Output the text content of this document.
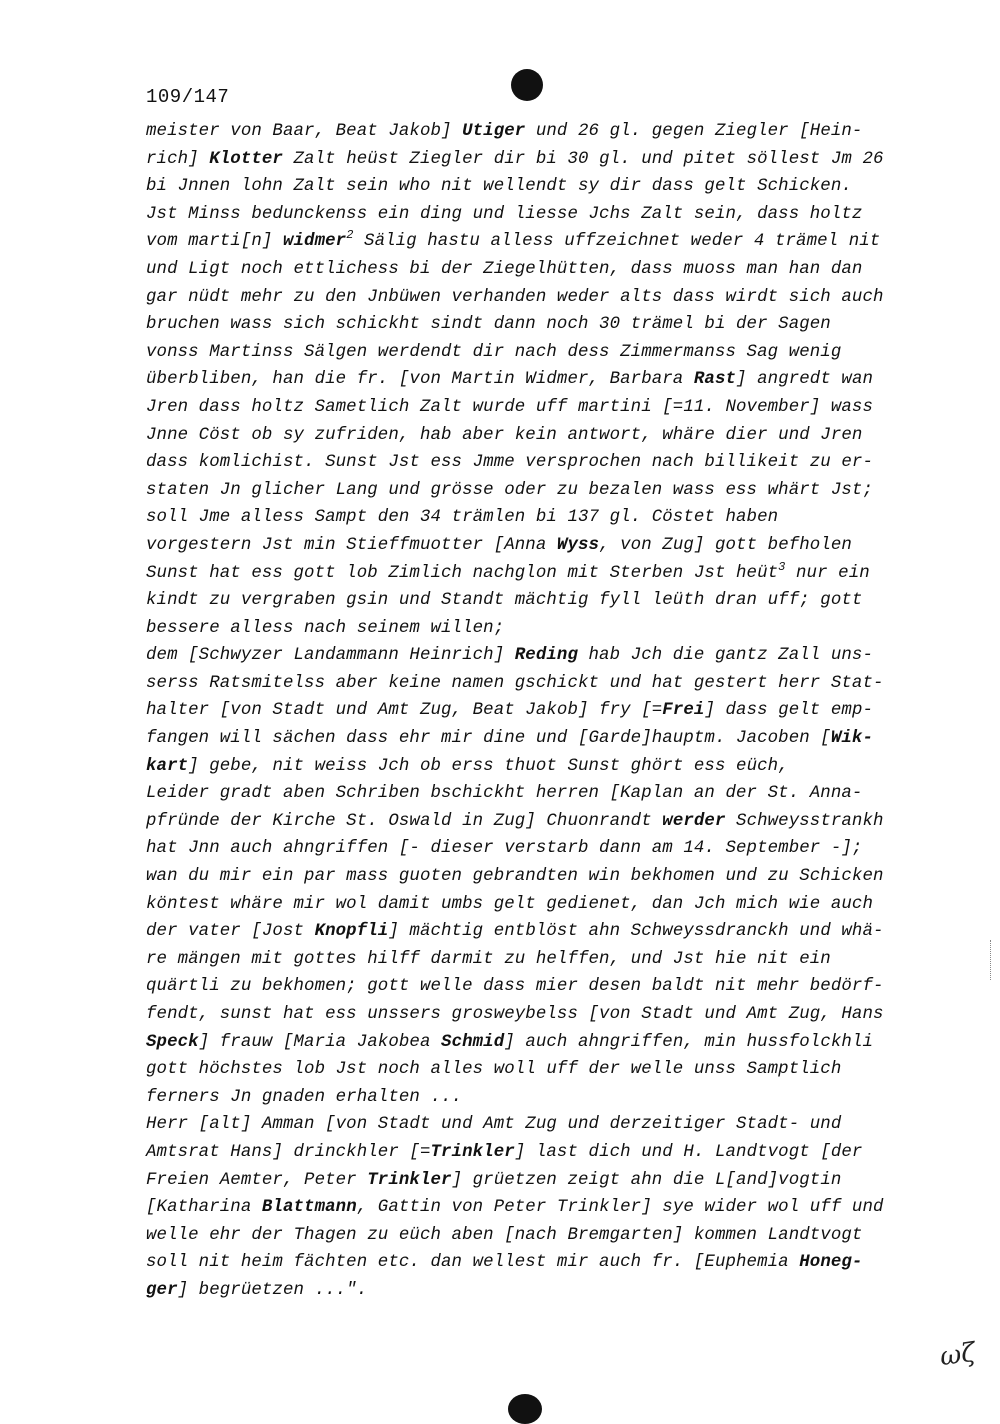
109/147
meister von Baar, Beat Jakob] Utiger und 26 gl. gegen Ziegler [Hein-
rich] Klotter Zalt heüst Ziegler dir bi 30 gl. und pitet söllest Jm 26
bi Jnnen lohn Zalt sein who nit wellendt sy dir dass gelt Schicken.
Jst Minss bedunckenss ein ding und liesse Jchs Zalt sein, dass holtz
vom marti[n] widmer$^2$ Sälig hastu alless uffzeichnet weder 4 trämel nit
und Ligt noch ettlichess bi der Ziegelhütten, dass muoss man han dan
gar nüdt mehr zu den Jnbüwen verhanden weder alts dass wirdt sich auch
bruchen wass sich schickht sindt dann noch 30 trämel bi der Sagen
vonss Martinss Sälgen werdendt dir nach dess Zimmermanss Sag wenig
überbliben, han die fr. [von Martin Widmer, Barbara Rast] angredt wan
Jren dass holtz Sametlich Zalt wurde uff martini [=11. November] wass
Jnne Cöst ob sy zufriden, hab aber kein antwort, whäre dier und Jren
dass komlichist. Sunst Jst ess Jmme versprochen nach billikeit zu er-
staten Jn glicher Lang und grösse oder zu bezalen wass ess whärt Jst;
soll Jme alless Sampt den 34 trämlen bi 137 gl. Cöstet haben
vorgestern Jst min Stieffmuotter [Anna Wyss, von Zug] gott befholen
Sunst hat ess gott lob Zimlich nachglon mit Sterben Jst heüt$^3$ nur ein
kindt zu vergraben gsin und Standt mächtig fyll leüth dran uff; gott
bessere alless nach seinem willen;
dem [Schwyzer Landammann Heinrich] Reding hab Jch die gantz Zall uns-
serss Ratsmitelss aber keine namen gschickt und hat gestert herr Stat-
halter [von Stadt und Amt Zug, Beat Jakob] fry [=Frei] dass gelt emp-
fangen will sächen dass ehr mir dine und [Garde]hauptm. Jacoben [Wik-
kart] gebe, nit weiss Jch ob erss thuot Sunst ghört ess eüch,
Leider gradt aben Schriben bschickht herren [Kaplan an der St. Anna-
pfründe der Kirche St. Oswald in Zug] Chuonrandt werder Schweysstrankh
hat Jnn auch ahngriffen [- dieser verstarb dann am 14. September -];
wan du mir ein par mass guoten gebrandten win bekhomen und zu Schicken
köntest whäre mir wol damit umbs gelt gedienet, dan Jch mich wie auch
der vater [Jost Knopfli] mächtig entblöst ahn Schweyssdranckh und whä-
re mängen mit gottes hilff darmit zu helffen, und Jst hie nit ein
quärtli zu bekhomen; gott welle dass mier desen baldt nit mehr bedörf-
fendt, sunst hat ess unssers grosweybelss [von Stadt und Amt Zug, Hans
Speck] frauw [Maria Jakobea Schmid] auch ahngriffen, min hussfolckhli
gott höchstes lob Jst noch alles woll uff der welle unss Samptlich
ferners Jn gnaden erhalten ...
Herr [alt] Amman [von Stadt und Amt Zug und derzeitiger Stadt- und
Amtsrat Hans] drinckhler [=Trinkler] last dich und H. Landtvogt [der
Freien Aemter, Peter Trinkler] grüetzen zeigt ahn die L[and]vogtin
[Katharina Blattmann, Gattin von Peter Trinkler] sye wider wol uff und
welle ehr der Thagen zu eüch aben [nach Bremgarten] kommen Landtvogt
soll nit heim fächten etc. dan wellest mir auch fr. [Euphemia Honeg-
ger] begrüetzen ...".
ωζ
